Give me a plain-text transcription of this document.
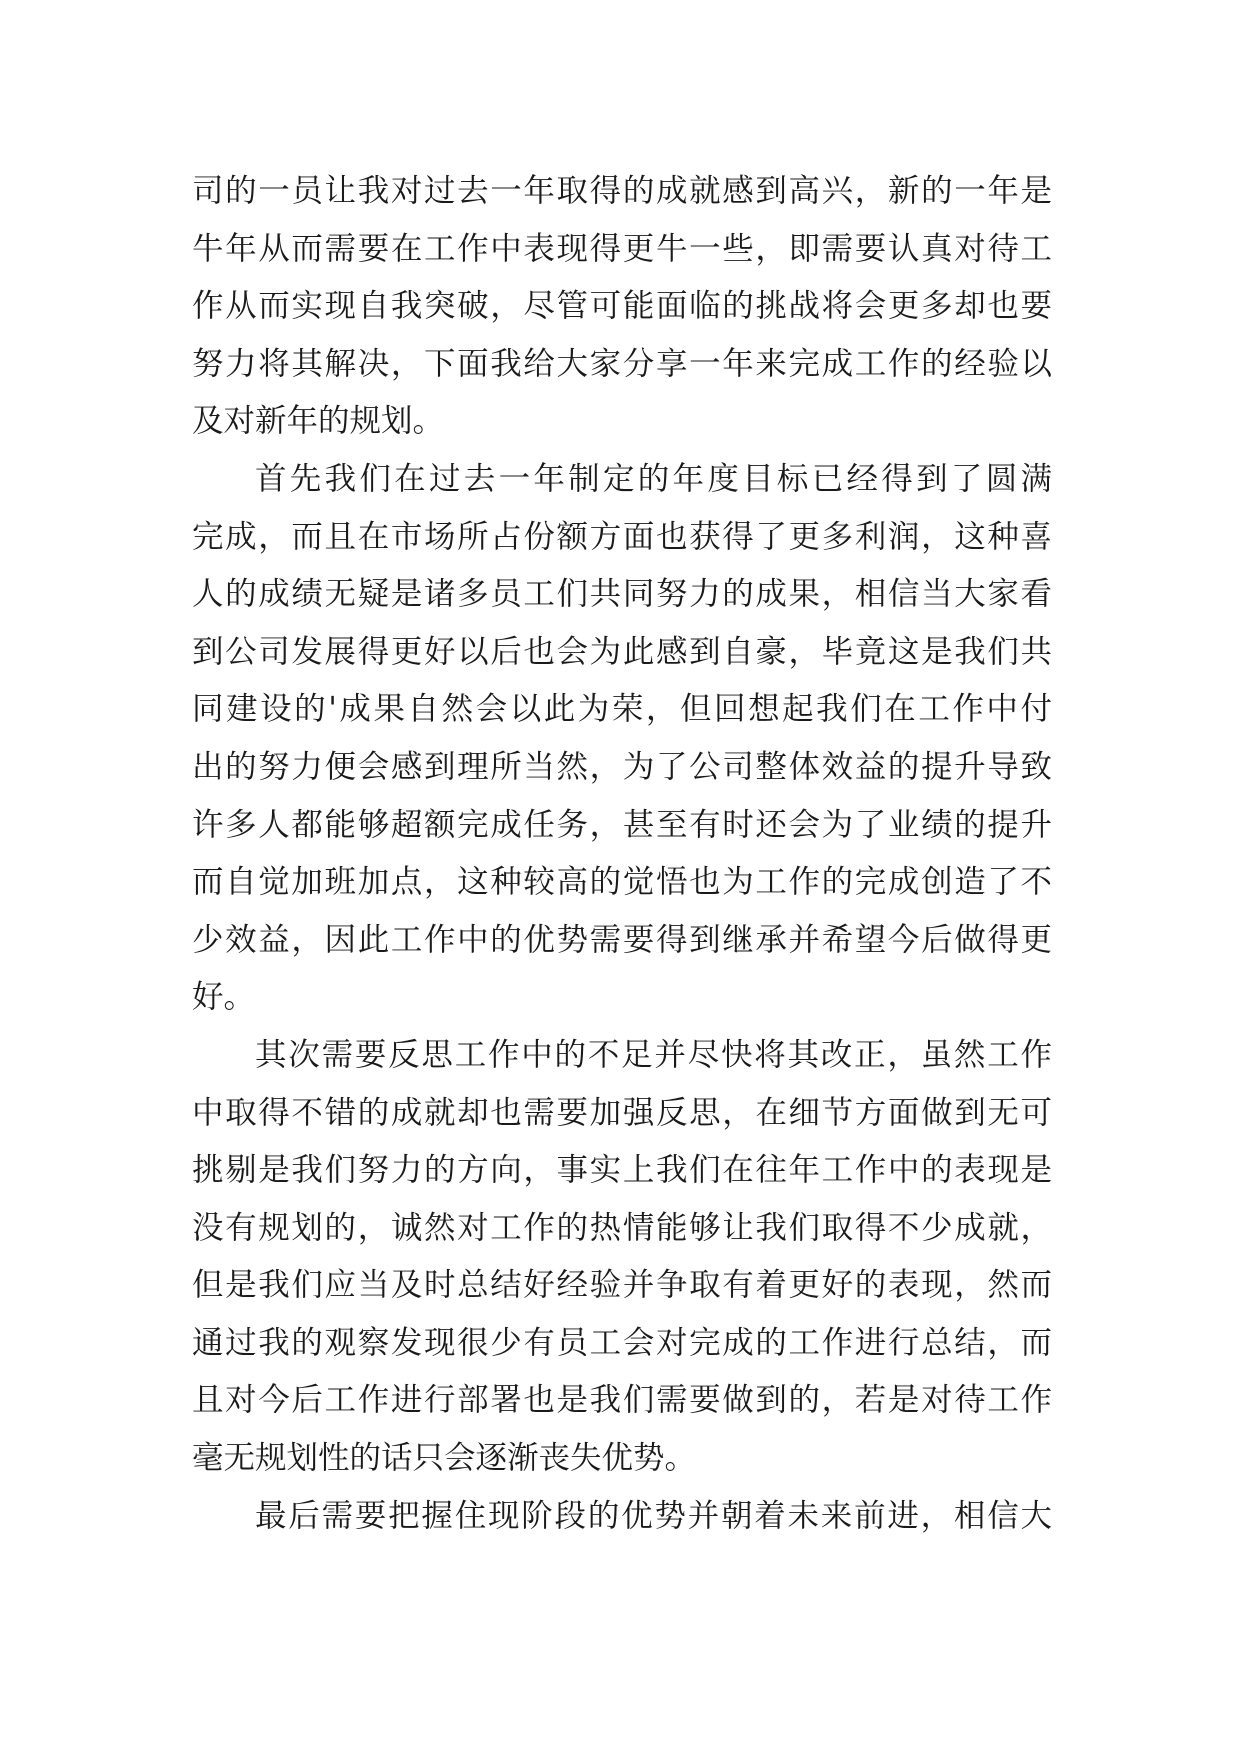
司的一员让我对过去一年取得的成就感到高兴，新的一年是
牛年从而需要在工作中表现得更牛一些，即需要认真对待工
作从而实现自我突破，尽管可能面临的挑战将会更多却也要
努力将其解决，下面我给大家分享一年来完成工作的经验以
及对新年的规划。
首先我们在过去一年制定的年度目标已经得到了圆满
完成，而且在市场所占份额方面也获得了更多利润，这种喜
人的成绩无疑是诸多员工们共同努力的成果，相信当大家看
到公司发展得更好以后也会为此感到自豪，毕竟这是我们共
同建设的'成果自然会以此为荣，但回想起我们在工作中付
出的努力便会感到理所当然，为了公司整体效益的提升导致
许多人都能够超额完成任务，甚至有时还会为了业绩的提升
而自觉加班加点，这种较高的觉悟也为工作的完成创造了不
少效益，因此工作中的优势需要得到继承并希望今后做得更
好。
其次需要反思工作中的不足并尽快将其改正，虽然工作
中取得不错的成就却也需要加强反思，在细节方面做到无可
挑剔是我们努力的方向，事实上我们在往年工作中的表现是
没有规划的，诚然对工作的热情能够让我们取得不少成就，
但是我们应当及时总结好经验并争取有着更好的表现，然而
通过我的观察发现很少有员工会对完成的工作进行总结，而
且对今后工作进行部署也是我们需要做到的，若是对待工作
毫无规划性的话只会逐渐丧失优势。
最后需要把握住现阶段的优势并朝着未来前进，相信大
